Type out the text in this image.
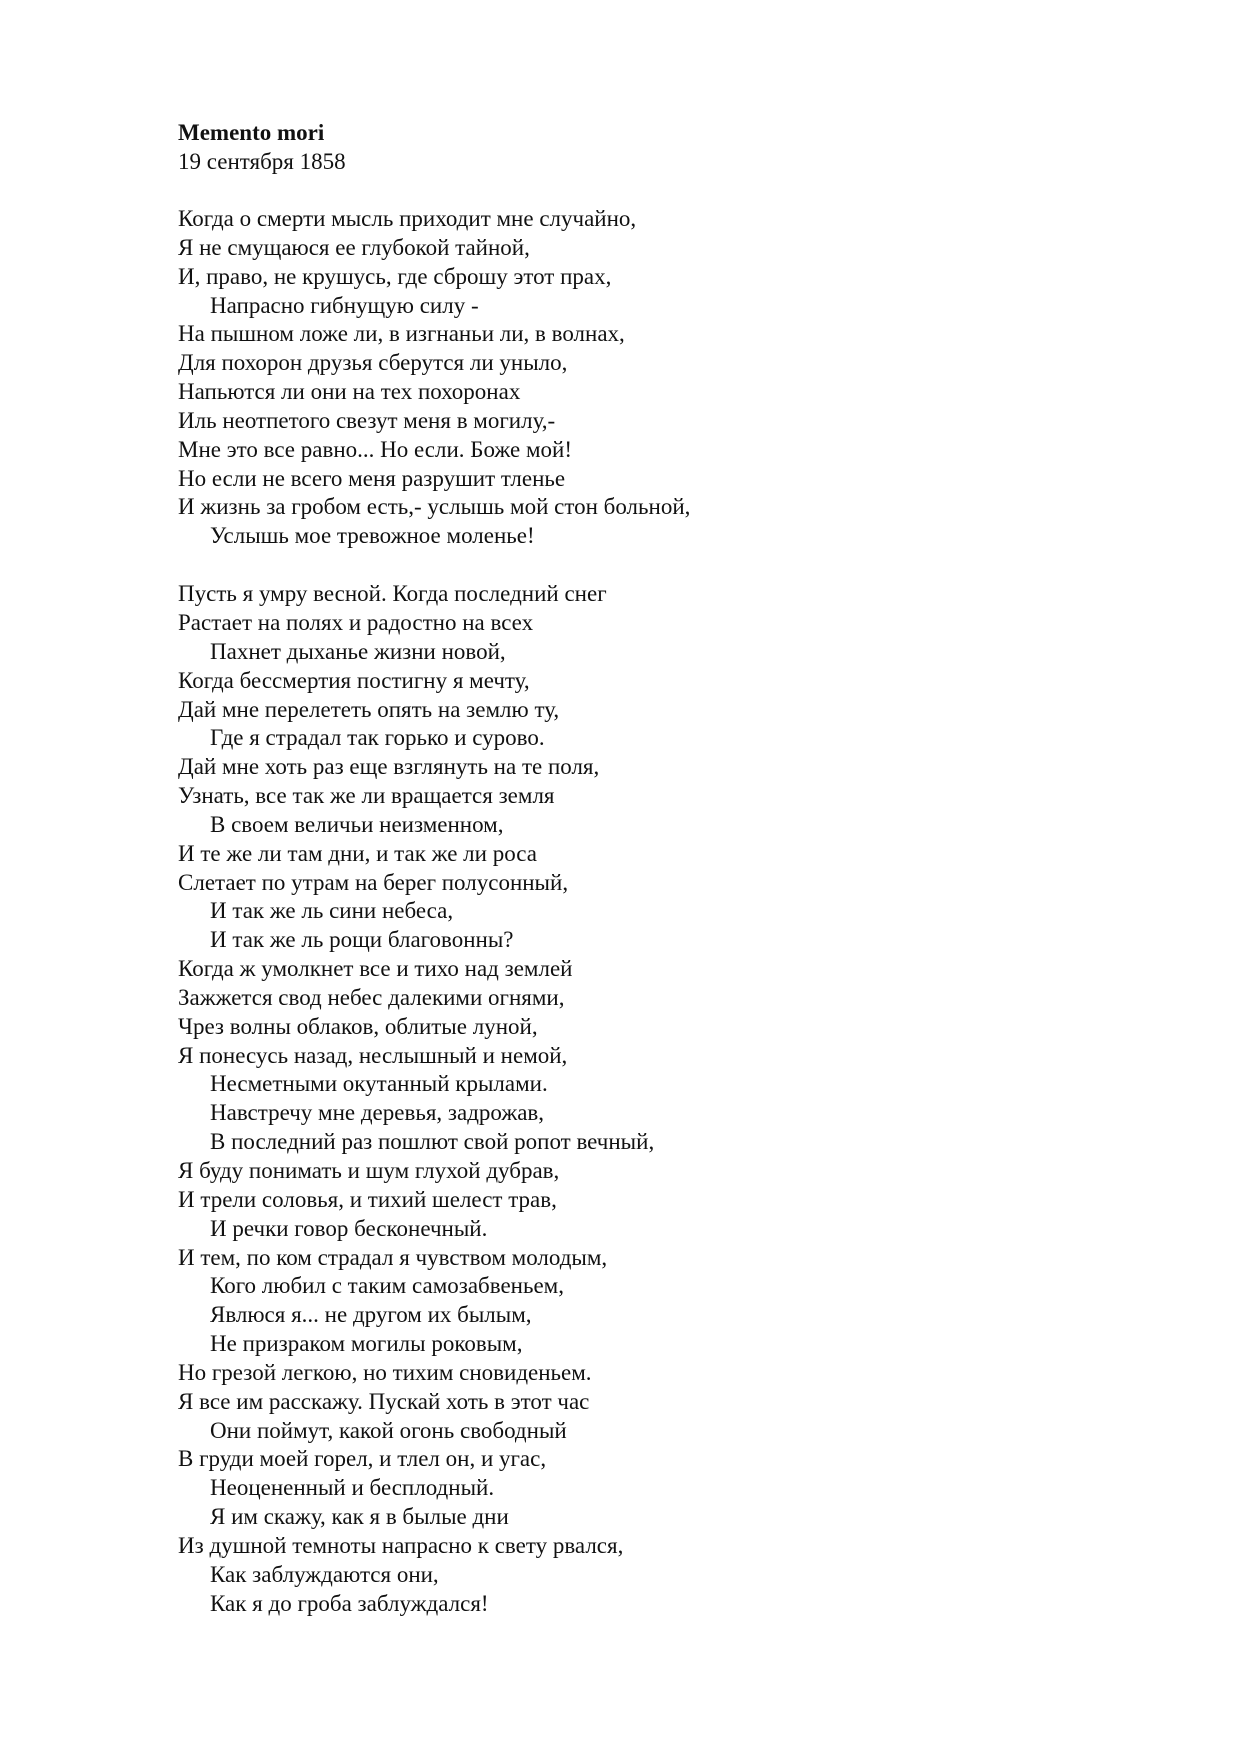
Memento mori
19 сентября 1858
Когда о смерти мысль приходит мне случайно,
Я не смущаюся ее глубокой тайной,
И, право, не крушусь, где сброшу этот прах,
Напрасно гибнущую силу -
На пышном ложе ли, в изгнаньи ли, в волнах,
Для похорон друзья сберутся ли уныло,
Напьются ли они на тех похоронах
Иль неотпетого свезут меня в могилу,-
Мне это все равно... Но если. Боже мой!
Но если не всего меня разрушит тленье
И жизнь за гробом есть,- услышь мой стон больной,
Услышь мое тревожное моленье!
Пусть я умру весной. Когда последний снег
Растает на полях и радостно на всех
Пахнет дыханье жизни новой,
Когда бессмертия постигну я мечту,
Дай мне перелететь опять на землю ту,
Где я страдал так горько и сурово.
Дай мне хоть раз еще взглянуть на те поля,
Узнать, все так же ли вращается земля
В своем величьи неизменном,
И те же ли там дни, и так же ли роса
Слетает по утрам на берег полусонный,
И так же ль сини небеса,
И так же ль рощи благовонны?
Когда ж умолкнет все и тихо над землей
Зажжется свод небес далекими огнями,
Чрез волны облаков, облитые луной,
Я понесусь назад, неслышный и немой,
Несметными окутанный крылами.
Навстречу мне деревья, задрожав,
В последний раз пошлют свой ропот вечный,
Я буду понимать и шум глухой дубрав,
И трели соловья, и тихий шелест трав,
И речки говор бесконечный.
И тем, по ком страдал я чувством молодым,
Кого любил с таким самозабвеньем,
Явлюся я... не другом их былым,
Не призраком могилы роковым,
Но грезой легкою, но тихим сновиденьем.
Я все им расскажу. Пускай хоть в этот час
Они поймут, какой огонь свободный
В груди моей горел, и тлел он, и угас,
Неоцененный и бесплодный.
Я им скажу, как я в былые дни
Из душной темноты напрасно к свету рвался,
Как заблуждаются они,
Как я до гроба заблуждался!
